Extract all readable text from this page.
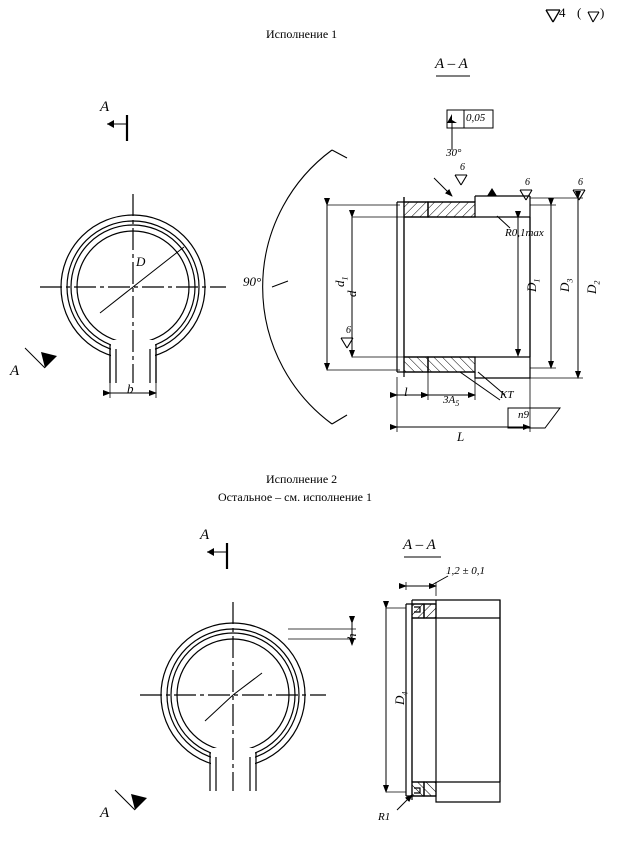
4 ( )
Исполнение 1
A – A
A
A
D
b
90°
30°
0,05
R0,1max

$d_1$

d

$D_1$

$D_3$

$D_2$

l

$3A_5$

L
KT
n9
6	6
6
6
Исполнение 2
Остальное – см. исполнение 1
A – A
A
A
h
1,2 ± 0,1

$D_4$

R1
